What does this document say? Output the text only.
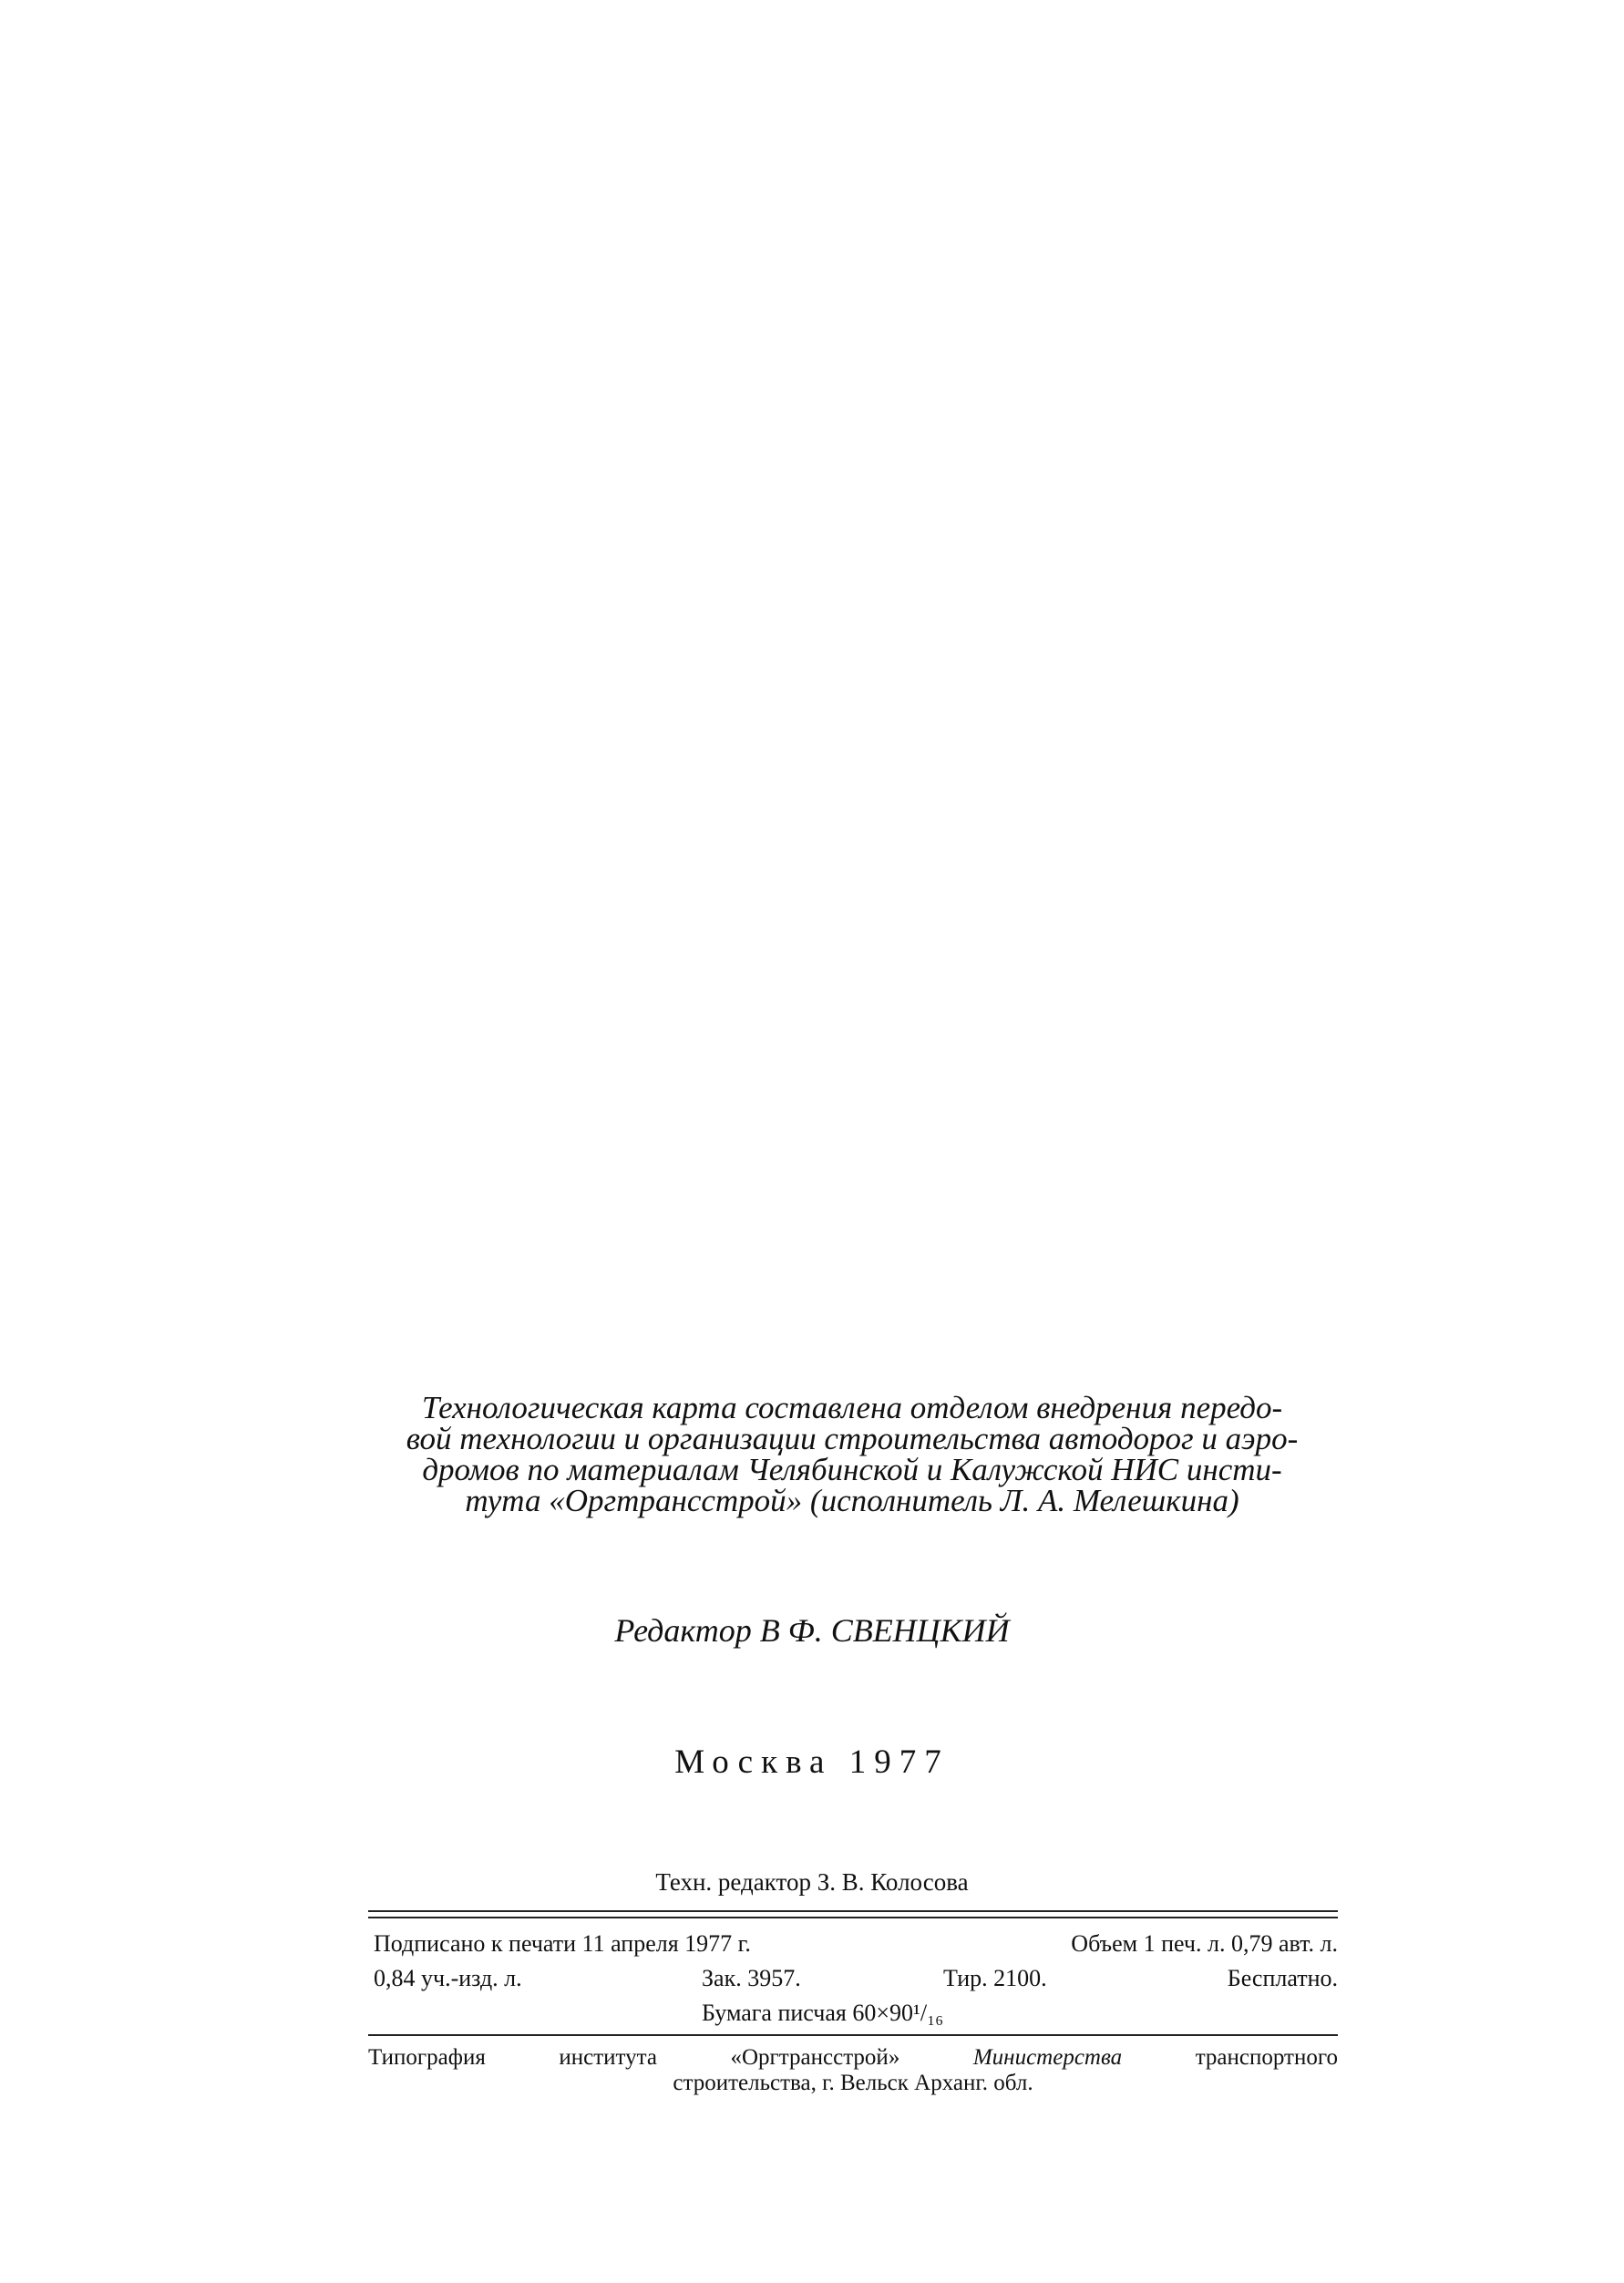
Технологическая карта составлена отделом внедрения передо-
вой технологии и организации строительства автодорог и аэро-
дромов по материалам Челябинской и Калужской НИС инсти-
тута «Оргтрансстрой» (исполнитель Л. А. Мелешкина)
Редактор В Ф. СВЕНЦКИЙ
Москва 1977
Техн. редактор З. В. Колосова
Подписано к печати 11 апреля 1977 г.	Объем 1 печ. л. 0,79 авт. л.
0,84 уч.-изд. л.	Зак. 3957.	Тир. 2100.	Бесплатно.
Бумага писчая 60×90¹/₁₆
Типография	института	«Оргтрансстрой»	Министерства	транспортного
строительства, г. Вельск Арханг. обл.
